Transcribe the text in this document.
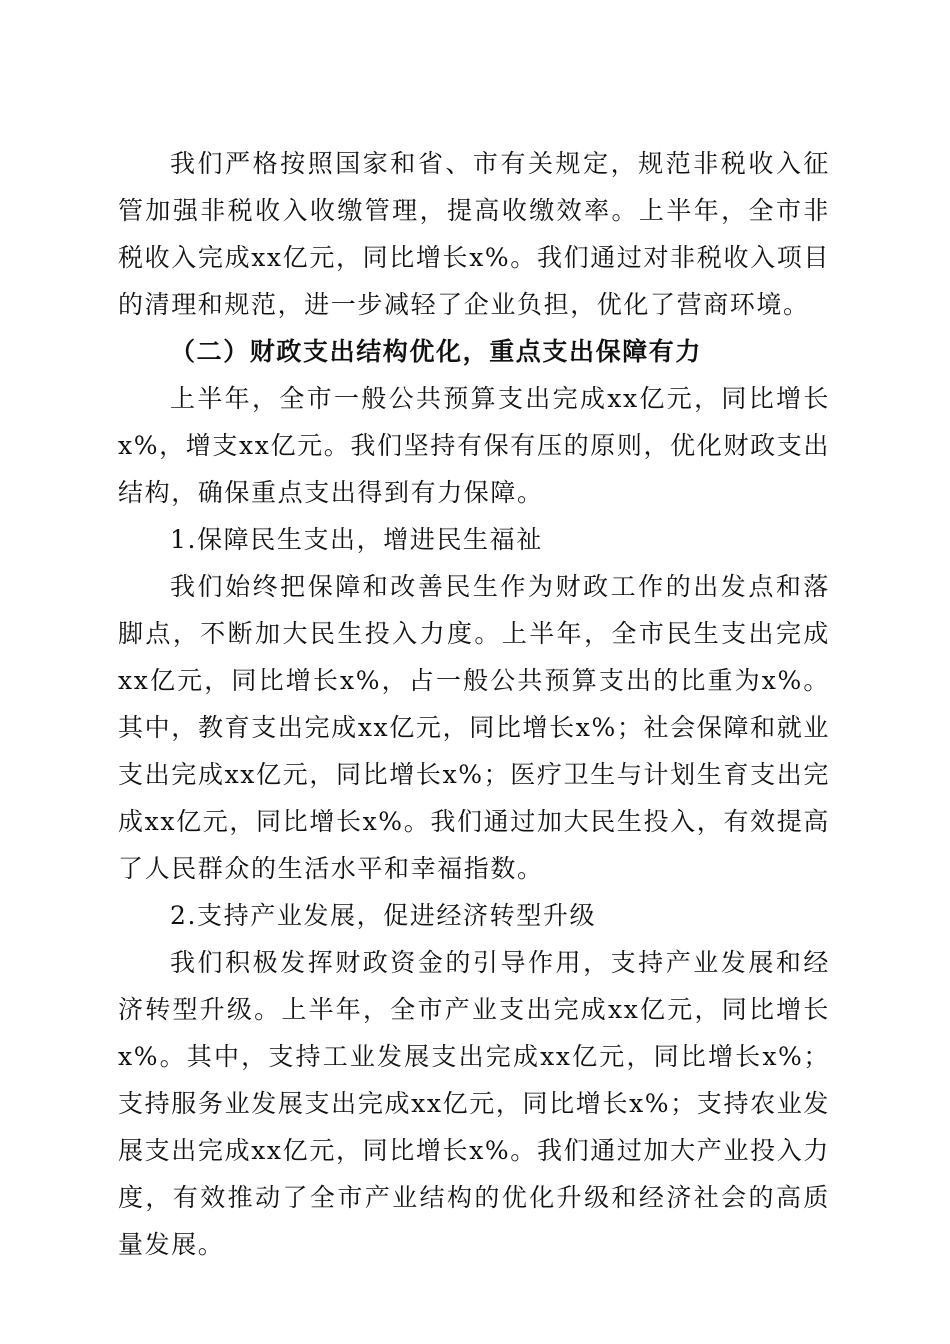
我们严格按照国家和省、市有关规定，规范非税收入征管加强非税收入收缴管理，提高收缴效率。上半年，全市非税收入完成xx亿元，同比增长x%。我们通过对非税收入项目的清理和规范，进一步减轻了企业负担，优化了营商环境。

（二）财政支出结构优化，重点支出保障有力

上半年，全市一般公共预算支出完成xx亿元，同比增长x%，增支xx亿元。我们坚持有保有压的原则，优化财政支出结构，确保重点支出得到有力保障。

1.保障民生支出，增进民生福祉

我们始终把保障和改善民生作为财政工作的出发点和落脚点，不断加大民生投入力度。上半年，全市民生支出完成xx亿元，同比增长x%，占一般公共预算支出的比重为x%。其中，教育支出完成xx亿元，同比增长x%；社会保障和就业支出完成xx亿元，同比增长x%；医疗卫生与计划生育支出完成xx亿元，同比增长x%。我们通过加大民生投入，有效提高了人民群众的生活水平和幸福指数。

2.支持产业发展，促进经济转型升级

我们积极发挥财政资金的引导作用，支持产业发展和经济转型升级。上半年，全市产业支出完成xx亿元，同比增长x%。其中，支持工业发展支出完成xx亿元，同比增长x%；支持服务业发展支出完成xx亿元，同比增长x%；支持农业发展支出完成xx亿元，同比增长x%。我们通过加大产业投入力度，有效推动了全市产业结构的优化升级和经济社会的高质量发展。
